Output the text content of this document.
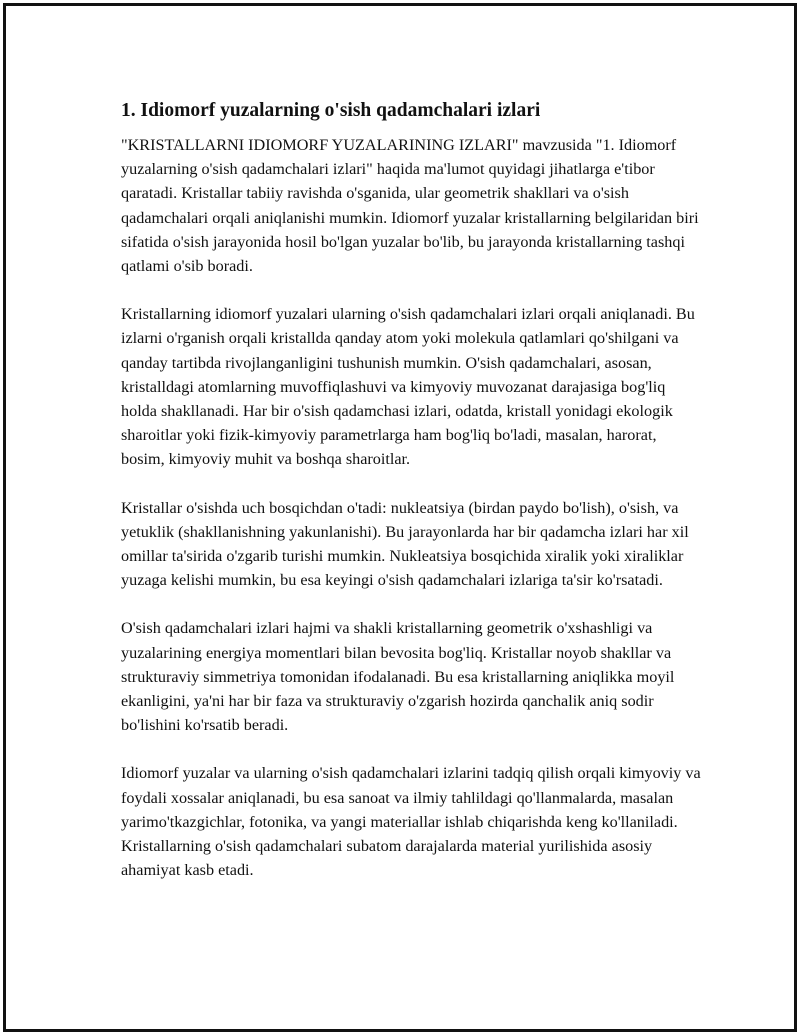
1. Idiomorf yuzalarning o'sish qadamchalari izlari

"KRISTALLARNI IDIOMORF YUZALARINING IZLARI" mavzusida "1. Idiomorf yuzalarning o'sish qadamchalari izlari" haqida ma'lumot quyidagi jihatlarga e'tibor qaratadi. Kristallar tabiiy ravishda o'sganida, ular geometrik shakllari va o'sish qadamchalari orqali aniqlanishi mumkin. Idiomorf yuzalar kristallarning belgilaridan biri sifatida o'sish jarayonida hosil bo'lgan yuzalar bo'lib, bu jarayonda kristallarning tashqi qatlami o'sib boradi.

Kristallarning idiomorf yuzalari ularning o'sish qadamchalari izlari orqali aniqlanadi. Bu izlarni o'rganish orqali kristallda qanday atom yoki molekula qatlamlari qo'shilgani va qanday tartibda rivojlanganligini tushunish mumkin. O'sish qadamchalari, asosan, kristalldagi atomlarning muvoffiqlashuvi va kimyoviy muvozanat darajasiga bog'liq holda shakllanadi. Har bir o'sish qadamchasi izlari, odatda, kristall yonidagi ekologik sharoitlar yoki fizik-kimyoviy parametrlarga ham bog'liq bo'ladi, masalan, harorat, bosim, kimyoviy muhit va boshqa sharoitlar.

Kristallar o'sishda uch bosqichdan o'tadi: nukleatsiya (birdan paydo bo'lish), o'sish, va yetuklik (shakllanishning yakunlanishi). Bu jarayonlarda har bir qadamcha izlari har xil omillar ta'sirida o'zgarib turishi mumkin. Nukleatsiya bosqichida xiralik yoki xiraliklar yuzaga kelishi mumkin, bu esa keyingi o'sish qadamchalari izlariga ta'sir ko'rsatadi.

O'sish qadamchalari izlari hajmi va shakli kristallarning geometrik o'xshashligi va yuzalarining energiya momentlari bilan bevosita bog'liq. Kristallar noyob shakllar va strukturaviy simmetriya tomonidan ifodalanadi. Bu esa kristallarning aniqlikka moyil ekanligini, ya'ni har bir faza va strukturaviy o'zgarish hozirda qanchalik aniq sodir bo'lishini ko'rsatib beradi.

Idiomorf yuzalar va ularning o'sish qadamchalari izlarini tadqiq qilish orqali kimyoviy va foydali xossalar aniqlanadi, bu esa sanoat va ilmiy tahlildagi qo'llanmalarda, masalan yarimo'tkazgichlar, fotonika, va yangi materiallar ishlab chiqarishda keng ko'llaniladi. Kristallarning o'sish qadamchalari subatom darajalarda material yurilishida asosiy ahamiyat kasb etadi.
